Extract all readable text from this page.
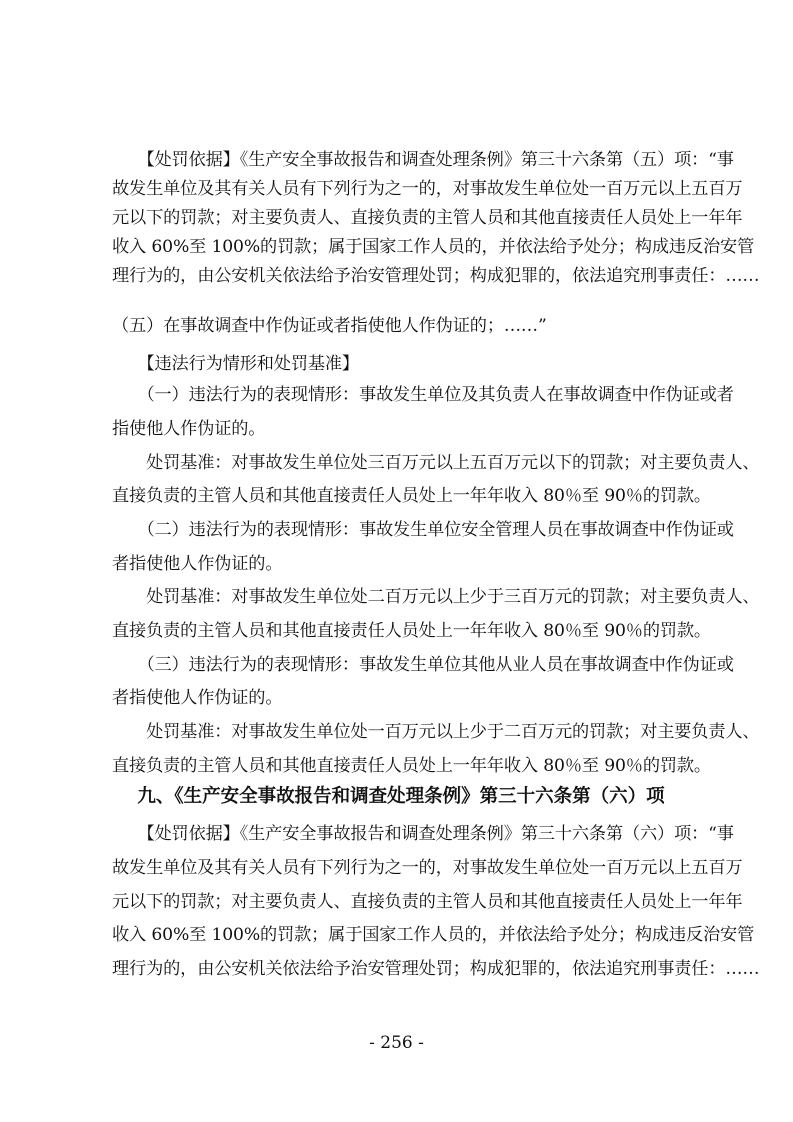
　　【处罚依据】《生产安全事故报告和调查处理条例》第三十六条第（五）项：“事
故发生单位及其有关人员有下列行为之一的，对事故发生单位处一百万元以上五百万
元以下的罚款；对主要负责人、直接负责的主管人员和其他直接责任人员处上一年年
收入 60%至 100%的罚款；属于国家工作人员的，并依法给予处分；构成违反治安管
理行为的，由公安机关依法给予治安管理处罚；构成犯罪的，依法追究刑事责任：……
（五）在事故调查中作伪证或者指使他人作伪证的；……”
　　【违法行为情形和处罚基准】
　　（一）违法行为的表现情形：事故发生单位及其负责人在事故调查中作伪证或者
指使他人作伪证的。
　　处罚基准：对事故发生单位处三百万元以上五百万元以下的罚款；对主要负责人、
直接负责的主管人员和其他直接责任人员处上一年年收入 80％至 90％的罚款。
　　（二）违法行为的表现情形：事故发生单位安全管理人员在事故调查中作伪证或
者指使他人作伪证的。
　　处罚基准：对事故发生单位处二百万元以上少于三百万元的罚款；对主要负责人、
直接负责的主管人员和其他直接责任人员处上一年年收入 80％至 90％的罚款。
　　（三）违法行为的表现情形：事故发生单位其他从业人员在事故调查中作伪证或
者指使他人作伪证的。
　　处罚基准：对事故发生单位处一百万元以上少于二百万元的罚款；对主要负责人、
直接负责的主管人员和其他直接责任人员处上一年年收入 80％至 90％的罚款。
九、《生产安全事故报告和调查处理条例》第三十六条第（六）项
　　【处罚依据】《生产安全事故报告和调查处理条例》第三十六条第（六）项：“事
故发生单位及其有关人员有下列行为之一的，对事故发生单位处一百万元以上五百万
元以下的罚款；对主要负责人、直接负责的主管人员和其他直接责任人员处上一年年
收入 60%至 100%的罚款；属于国家工作人员的，并依法给予处分；构成违反治安管
理行为的，由公安机关依法给予治安管理处罚；构成犯罪的，依法追究刑事责任：……
- 256 -
